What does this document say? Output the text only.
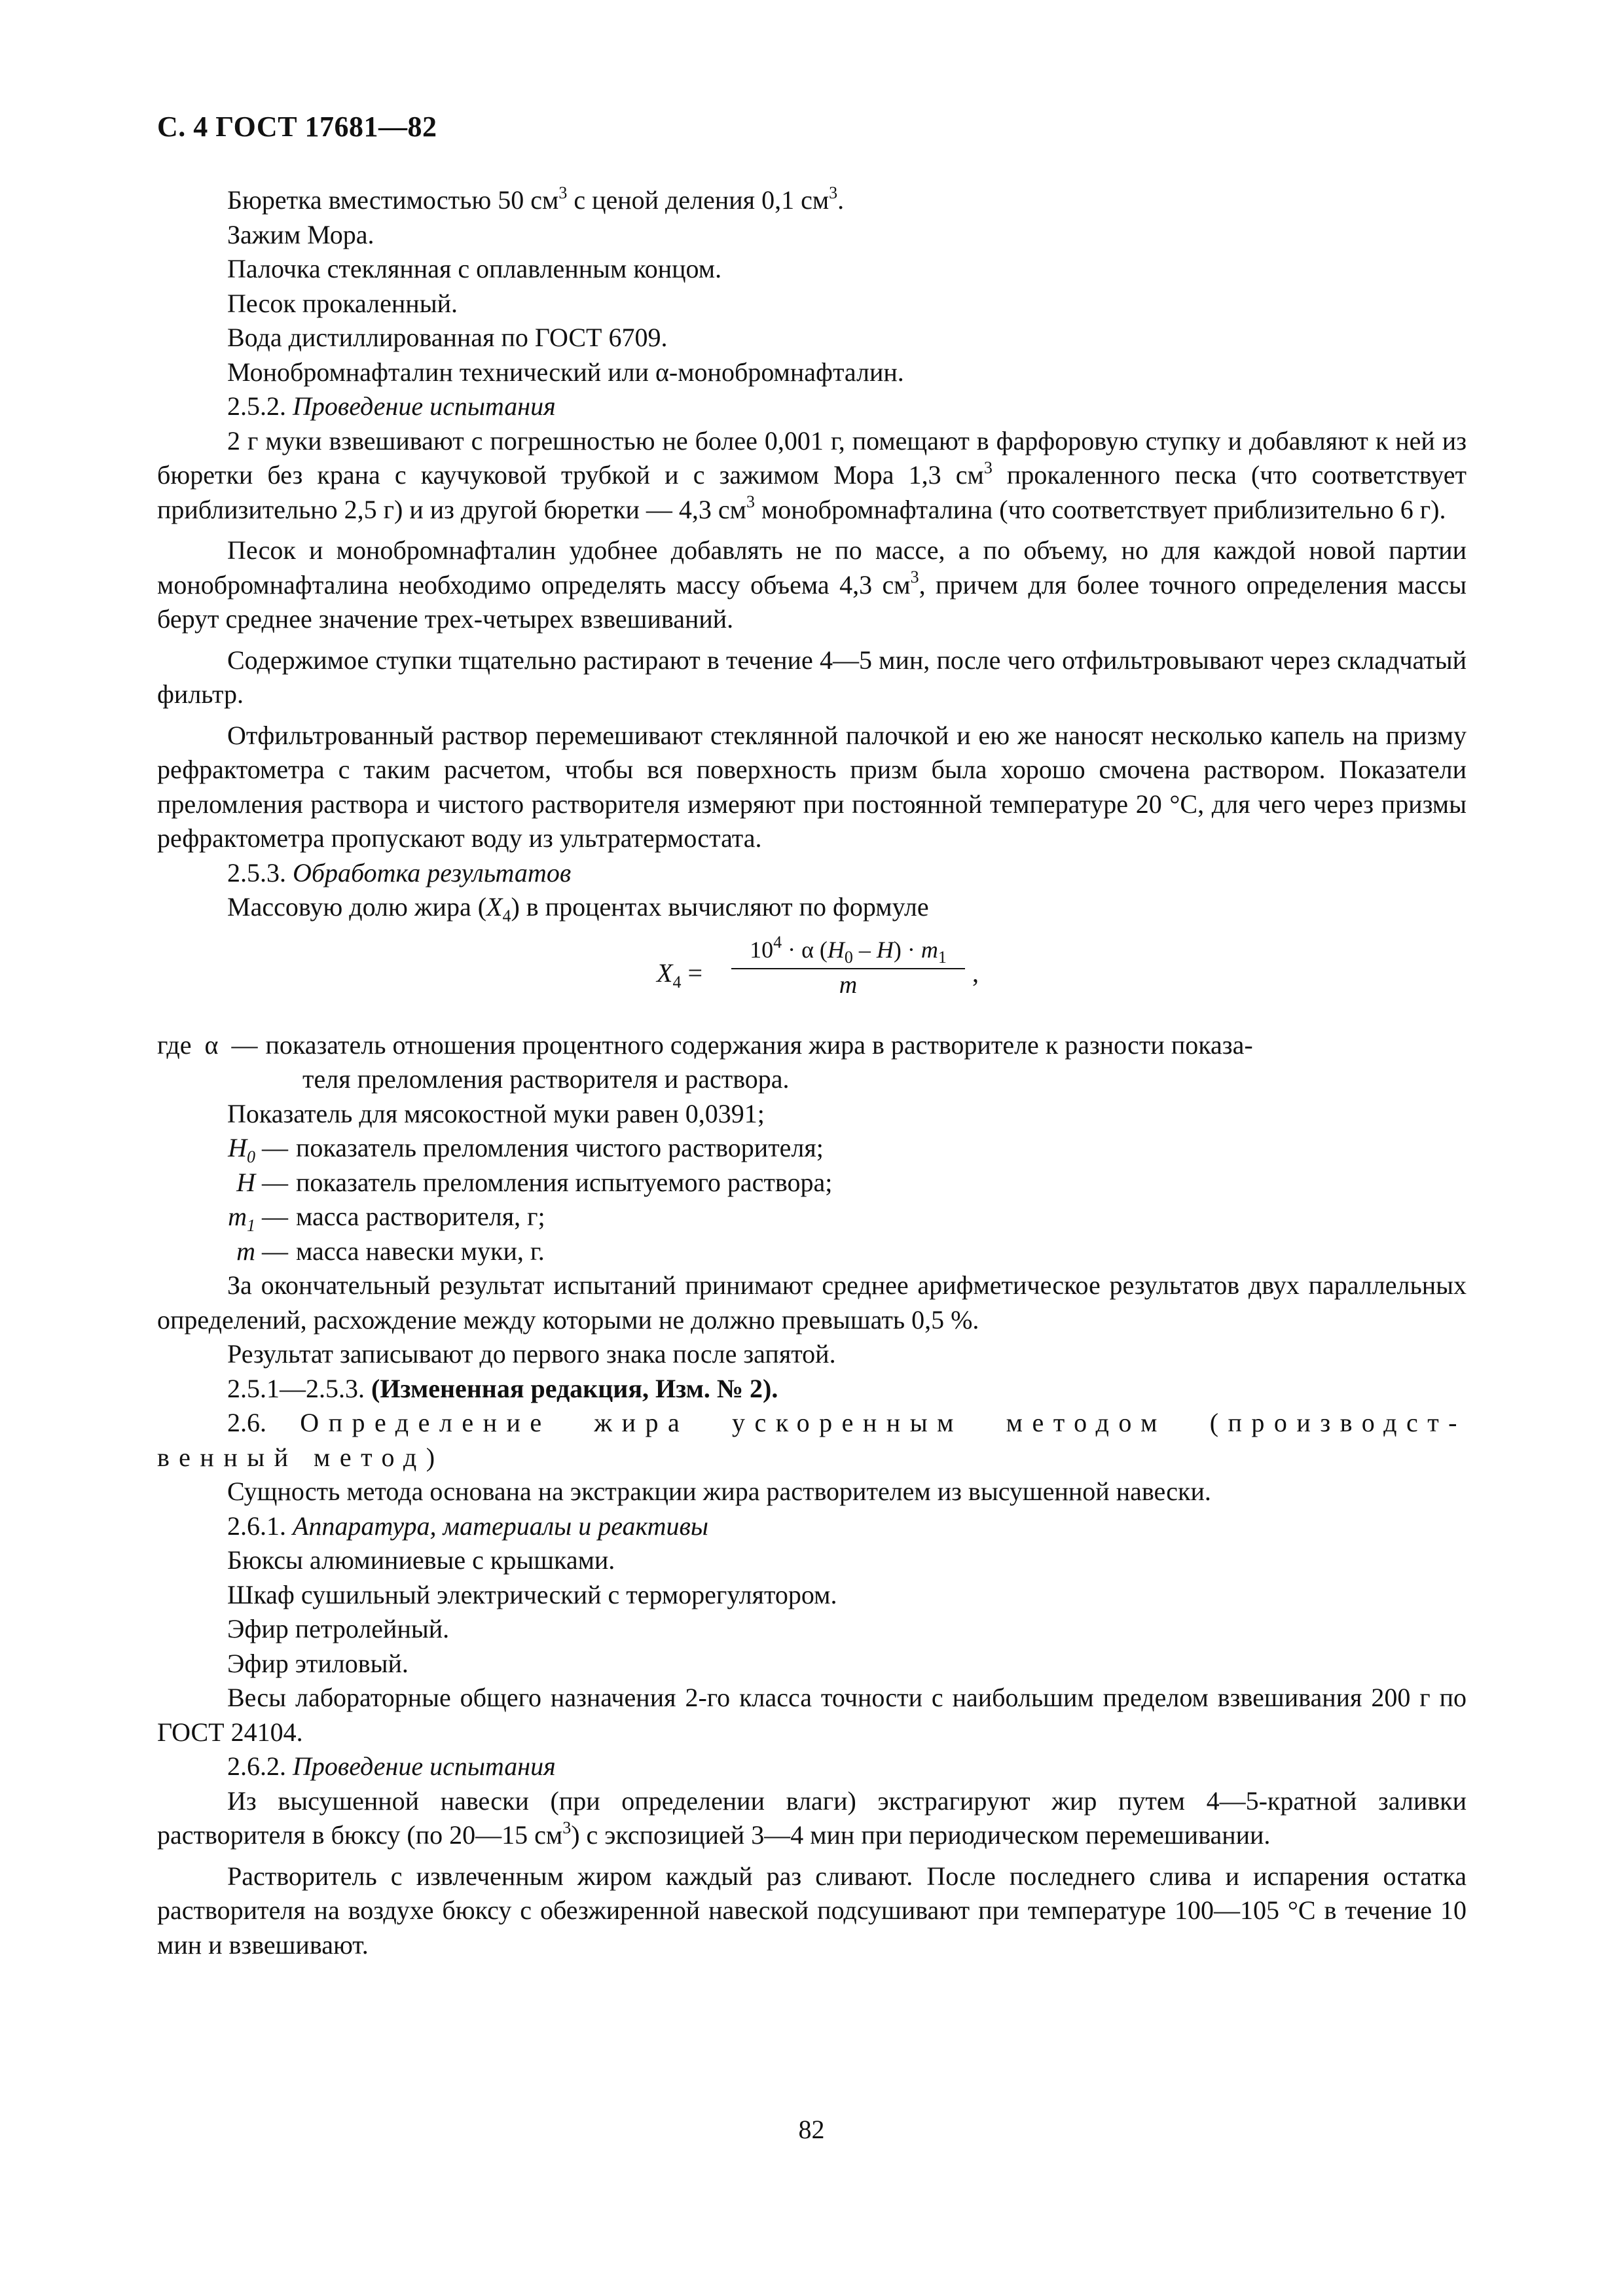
С. 4 ГОСТ 17681—82

Бюретка вместимостью 50 $см^3$ с ценой деления 0,1 $см^3$.

Зажим Мора.

Палочка стеклянная с оплавленным концом.

Песок прокаленный.

Вода дистиллированная по ГОСТ 6709.

Монобромнафталин технический или α-монобромнафталин.

2.5.2. Проведение испытания

2 г муки взвешивают с погрешностью не более 0,001 г, помещают в фарфоровую ступку и добавляют к ней из бюретки без крана с каучуковой трубкой и с зажимом Мора 1,3 $см^3$ прокаленного песка (что соответствует приблизительно 2,5 г) и из другой бюретки — 4,3 $см^3$ монобромнафталина (что соответствует приблизительно 6 г).

Песок и монобромнафталин удобнее добавлять не по массе, а по объему, но для каждой новой партии монобромнафталина необходимо определять массу объема 4,3 $см^3$, причем для более точного определения массы берут среднее значение трех-четырех взвешиваний.

Содержимое ступки тщательно растирают в течение 4—5 мин, после чего отфильтровывают через складчатый фильтр.

Отфильтрованный раствор перемешивают стеклянной палочкой и ею же наносят несколько капель на призму рефрактометра с таким расчетом, чтобы вся поверхность призм была хорошо смочена раствором. Показатели преломления раствора и чистого растворителя измеряют при постоянной температуре 20 °С, для чего через призмы рефрактометра пропускают воду из ультратермостата.

2.5.3. Обработка результатов

Массовую долю жира $(X_4)$ в процентах вычисляют по формуле

$X_4$ =
$10^4 \cdot \alpha$ $(H_0 - H) \cdot m_1$
m	,
где α — показатель отношения процентного содержания жира в растворителе к разности показа-
теля преломления растворителя и раствора.

Показатель для мясокостной муки равен 0,0391;

$H_0$ — показатель преломления чистого растворителя;
H — показатель преломления испытуемого раствора;
$m_1$ — масса растворителя, г;
m — масса навески муки, г.

За окончательный результат испытаний принимают среднее арифметическое результатов двух параллельных определений, расхождение между которыми не должно превышать 0,5 %.

Результат записывают до первого знака после запятой.

2.5.1—2.5.3. (Измененная редакция, Изм. № 2).

2.6. Определение жира ускоренным методом (производст-

венный метод)

Сущность метода основана на экстракции жира растворителем из высушенной навески.

2.6.1. Аппаратура, материалы и реактивы

Бюксы алюминиевые с крышками.

Шкаф сушильный электрический с терморегулятором.

Эфир петролейный.

Эфир этиловый.

Весы лабораторные общего назначения 2-го класса точности с наибольшим пределом взвешивания 200 г по ГОСТ 24104.

2.6.2. Проведение испытания

Из высушенной навески (при определении влаги) экстрагируют жир путем 4—5-кратной заливки растворителя в бюксу (по 20—15 $см^3$) с экспозицией 3—4 мин при периодическом перемешивании.

Растворитель с извлеченным жиром каждый раз сливают. После последнего слива и испарения остатка растворителя на воздухе бюксу с обезжиренной навеской подсушивают при температуре 100—105 °С в течение 10 мин и взвешивают.

82
